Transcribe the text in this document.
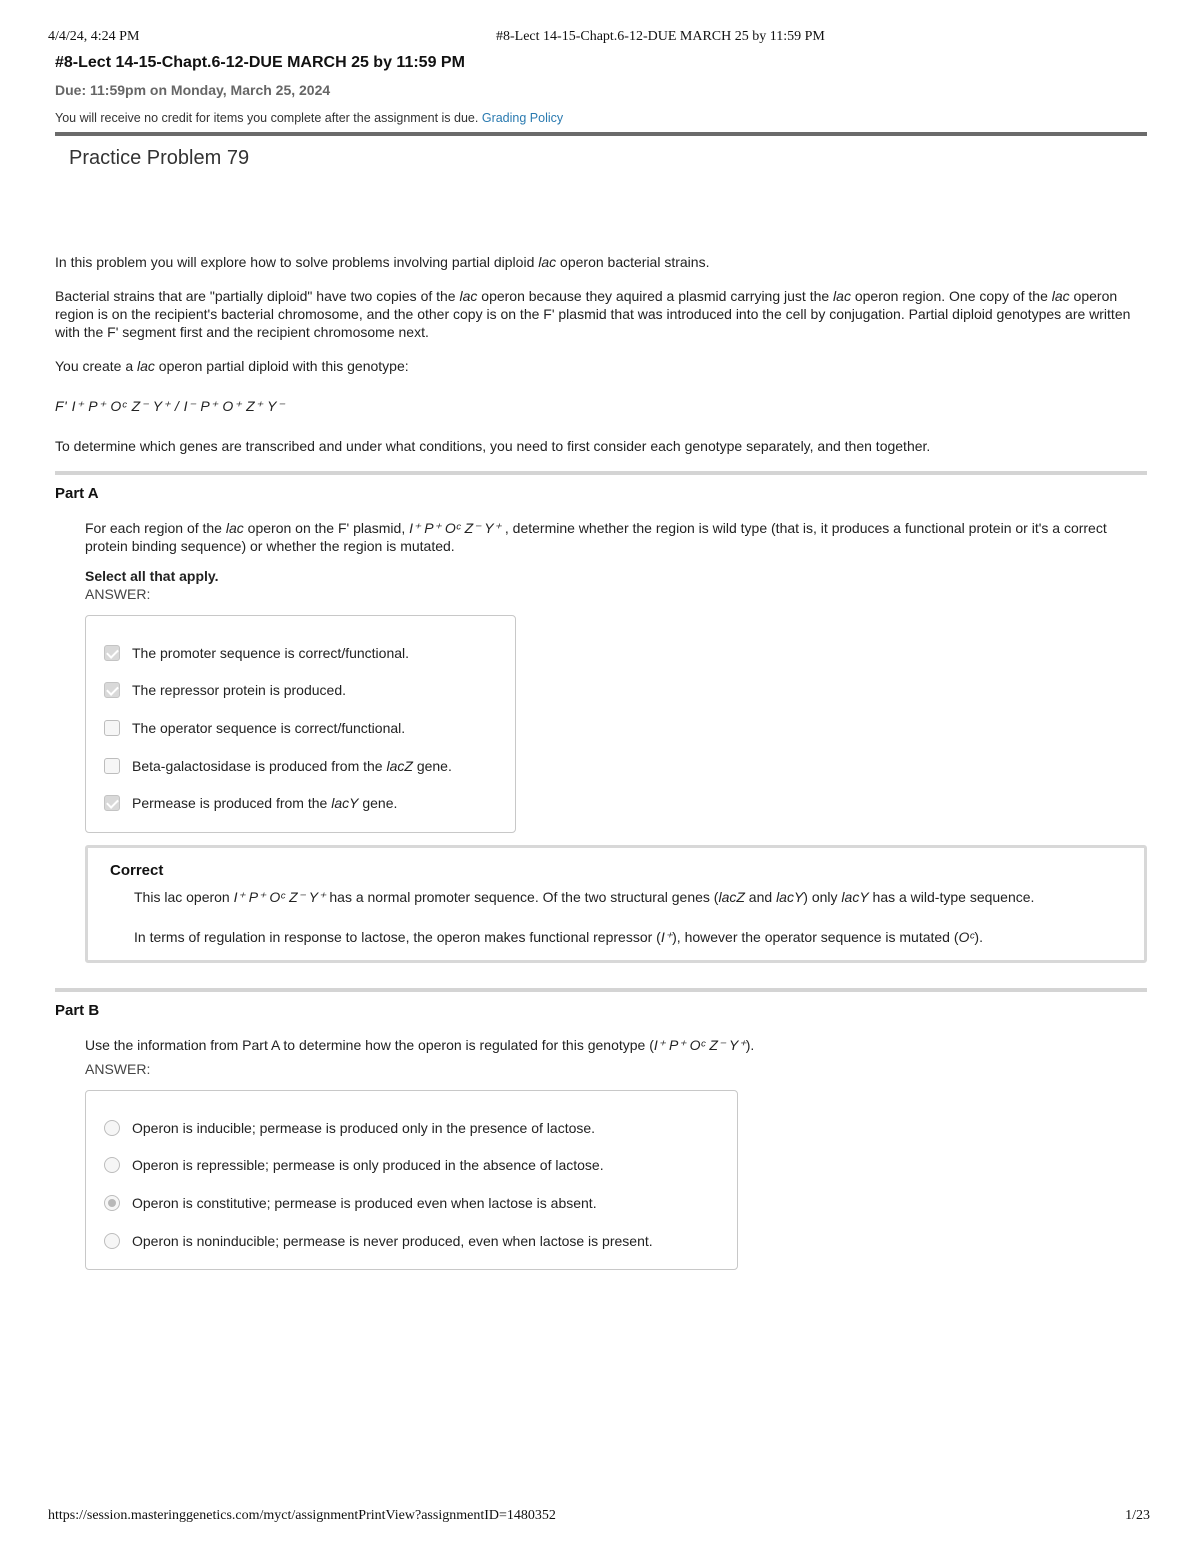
4/4/24, 4:24 PM	#8-Lect 14-15-Chapt.6-12-DUE MARCH 25 by 11:59 PM
#8-Lect 14-15-Chapt.6-12-DUE MARCH 25 by 11:59 PM
Due: 11:59pm on Monday, March 25, 2024
You will receive no credit for items you complete after the assignment is due. Grading Policy
Practice Problem 79

In this problem you will explore how to solve problems involving partial diploid lac operon bacterial strains.

Bacterial strains that are "partially diploid" have two copies of the lac operon because they aquired a plasmid carrying just the lac operon region. One copy of the lac operon region is on the recipient's bacterial chromosome, and the other copy is on the F' plasmid that was introduced into the cell by conjugation. Partial diploid genotypes are written with the F' segment first and the recipient chromosome next.

You create a lac operon partial diploid with this genotype:

F' I⁺ P⁺ Oᶜ Z⁻ Y⁺ / I⁻ P⁺ O⁺ Z⁺ Y⁻

To determine which genes are transcribed and under what conditions, you need to first consider each genotype separately, and then together.

Part A

For each region of the lac operon on the F' plasmid, I⁺ P⁺ Oᶜ Z⁻ Y⁺ , determine whether the region is wild type (that is, it produces a functional protein or it's a correct protein binding sequence) or whether the region is mutated.

Select all that apply.

ANSWER:

The promoter sequence is correct/functional.
The repressor protein is produced.
The operator sequence is correct/functional.
Beta-galactosidase is produced from the lacZ gene.
Permease is produced from the lacY gene.
Correct

This lac operon I⁺ P⁺ Oᶜ Z⁻ Y⁺ has a normal promoter sequence. Of the two structural genes (lacZ and lacY) only lacY has a wild-type sequence.

In terms of regulation in response to lactose, the operon makes functional repressor (I⁺), however the operator sequence is mutated (Oᶜ).

Part B

Use the information from Part A to determine how the operon is regulated for this genotype (I⁺ P⁺ Oᶜ Z⁻ Y⁺).

ANSWER:

Operon is inducible; permease is produced only in the presence of lactose.
Operon is repressible; permease is only produced in the absence of lactose.
Operon is constitutive; permease is produced even when lactose is absent.
Operon is noninducible; permease is never produced, even when lactose is present.
https://session.masteringgenetics.com/myct/assignmentPrintView?assignmentID=1480352	1/23
